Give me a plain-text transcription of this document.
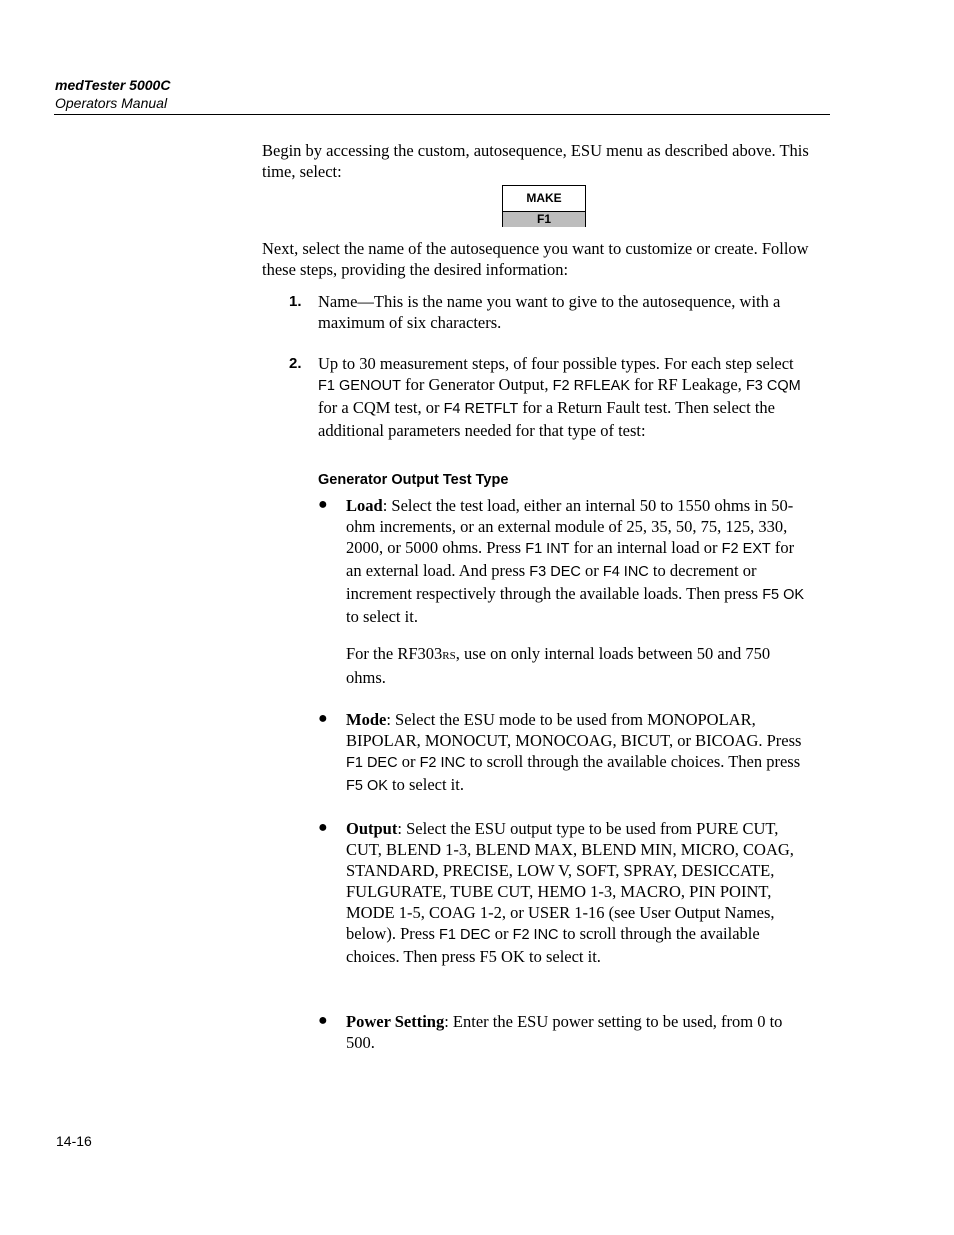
medTester 5000C
Operators Manual
Begin by accessing the custom, autosequence, ESU menu as described above. This time, select:
MAKE
F1
Next, select the name of the autosequence you want to customize or create. Follow these steps, providing the desired information:
1. Name—This is the name you want to give to the autosequence, with a maximum of six characters.
2. Up to 30 measurement steps, of four possible types. For each step select F1 GENOUT for Generator Output, F2 RFLEAK for RF Leakage, F3 CQM for a CQM test, or F4 RETFLT for a Return Fault test. Then select the additional parameters needed for that type of test:
Generator Output Test Type
● Load: Select the test load, either an internal 50 to 1550 ohms in 50-ohm increments, or an external module of 25, 35, 50, 75, 125, 330, 2000, or 5000 ohms. Press F1 INT for an internal load or F2 EXT for an external load. And press F3 DEC or F4 INC to decrement or increment respectively through the available loads. Then press F5 OK to select it.
For the RF303RS, use on only internal loads between 50 and 750 ohms.
● Mode: Select the ESU mode to be used from MONOPOLAR, BIPOLAR, MONOCUT, MONOCOAG, BICUT, or BICOAG. Press F1 DEC or F2 INC to scroll through the available choices. Then press F5 OK to select it.
● Output: Select the ESU output type to be used from PURE CUT, CUT, BLEND 1-3, BLEND MAX, BLEND MIN, MICRO, COAG, STANDARD, PRECISE, LOW V, SOFT, SPRAY, DESICCATE, FULGURATE, TUBE CUT, HEMO 1-3, MACRO, PIN POINT, MODE 1-5, COAG 1-2, or USER 1-16 (see User Output Names, below). Press F1 DEC or F2 INC to scroll through the available choices. Then press F5 OK to select it.
● Power Setting: Enter the ESU power setting to be used, from 0 to 500.
14-16
